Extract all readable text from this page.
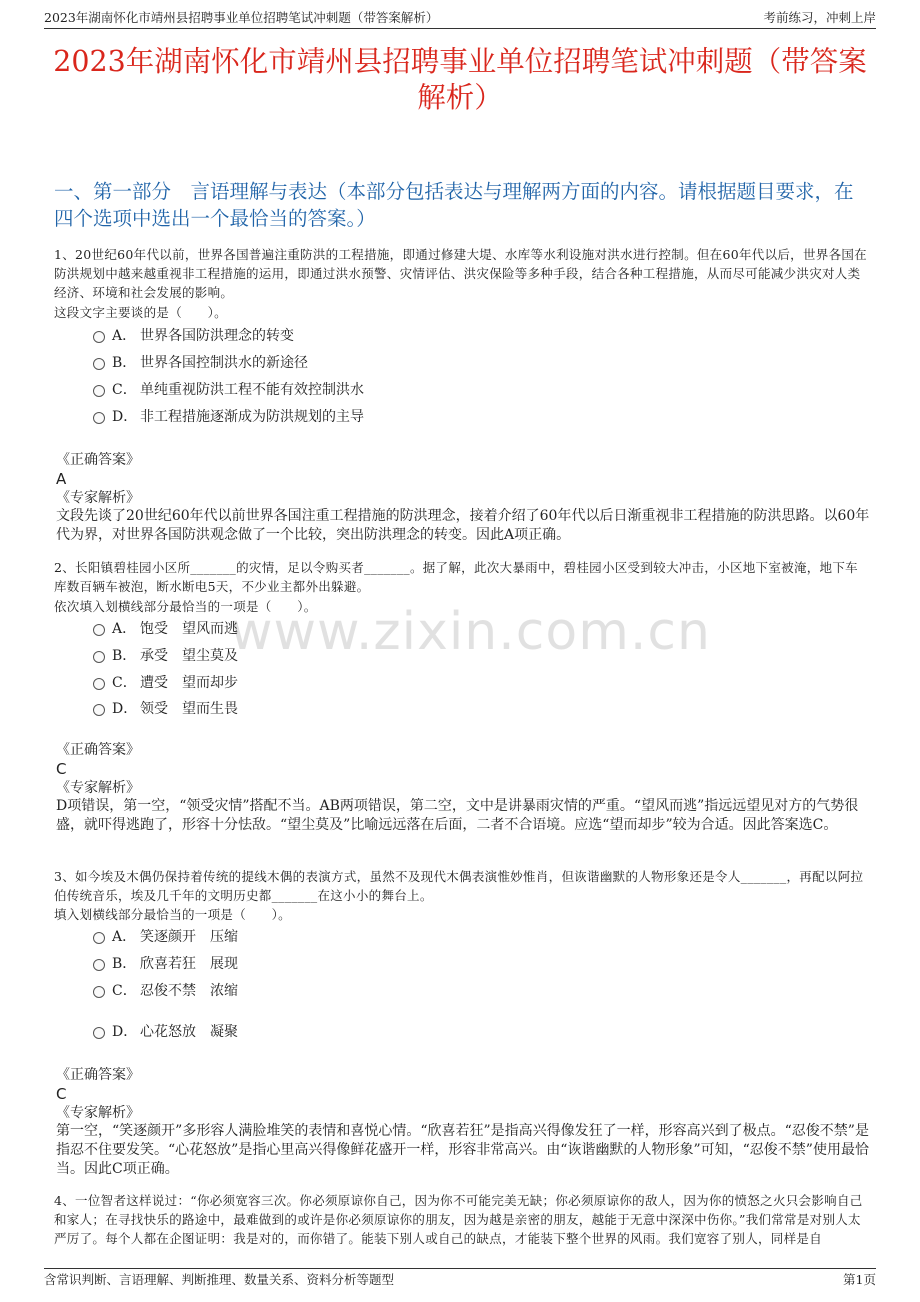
2023年湖南怀化市靖州县招聘事业单位招聘笔试冲刺题（带答案解析）	考前练习，冲刺上岸
2023年湖南怀化市靖州县招聘事业单位招聘笔试冲刺题（带答案解析）
一、第一部分　言语理解与表达（本部分包括表达与理解两方面的内容。请根据题目要求，在四个选项中选出一个最恰当的答案。）
www.zixin.com.cn
1、20世纪60年代以前，世界各国普遍注重防洪的工程措施，即通过修建大堤、水库等水利设施对洪水进行控制。但在60年代以后，世界各国在防洪规划中越来越重视非工程措施的运用，即通过洪水预警、灾情评估、洪灾保险等多种手段，结合各种工程措施，从而尽可能减少洪灾对人类经济、环境和社会发展的影响。
这段文字主要谈的是（　　）。
A． 世界各国防洪理念的转变
B． 世界各国控制洪水的新途径
C． 单纯重视防洪工程不能有效控制洪水
D． 非工程措施逐渐成为防洪规划的主导
《正确答案》
A
《专家解析》
文段先谈了20世纪60年代以前世界各国注重工程措施的防洪理念，接着介绍了60年代以后日渐重视非工程措施的防洪思路。以60年代为界，对世界各国防洪观念做了一个比较，突出防洪理念的转变。因此A项正确。
2、长阳镇碧桂园小区所_______的灾情，足以令购买者_______。据了解，此次大暴雨中，碧桂园小区受到较大冲击，小区地下室被淹，地下车库数百辆车被泡，断水断电5天，不少业主都外出躲避。
依次填入划横线部分最恰当的一项是（　　）。
A． 饱受　望风而逃
B． 承受　望尘莫及
C． 遭受　望而却步
D． 领受　望而生畏
《正确答案》
C
《专家解析》
D项错误，第一空，“领受灾情”搭配不当。AB两项错误，第二空，文中是讲暴雨灾情的严重。“望风而逃”指远远望见对方的气势很盛，就吓得逃跑了，形容十分怯敌。“望尘莫及”比喻远远落在后面，二者不合语境。应选“望而却步”较为合适。因此答案选C。
3、如今埃及木偶仍保持着传统的提线木偶的表演方式，虽然不及现代木偶表演惟妙惟肖，但诙谐幽默的人物形象还是令人_______，再配以阿拉伯传统音乐，埃及几千年的文明历史都_______在这小小的舞台上。
填入划横线部分最恰当的一项是（　　）。
A． 笑逐颜开　压缩
B． 欣喜若狂　展现
C． 忍俊不禁　浓缩
D． 心花怒放　凝聚
《正确答案》
C
《专家解析》
第一空，“笑逐颜开”多形容人满脸堆笑的表情和喜悦心情。“欣喜若狂”是指高兴得像发狂了一样，形容高兴到了极点。“忍俊不禁”是指忍不住要发笑。“心花怒放”是指心里高兴得像鲜花盛开一样，形容非常高兴。由“诙谐幽默的人物形象”可知，“忍俊不禁”使用最恰当。因此C项正确。
4、一位智者这样说过：“你必须宽容三次。你必须原谅你自己，因为你不可能完美无缺；你必须原谅你的敌人，因为你的愤怒之火只会影响自己和家人；在寻找快乐的路途中，最难做到的或许是你必须原谅你的朋友，因为越是亲密的朋友，越能于无意中深深中伤你。”我们常常是对别人太严厉了。每个人都在企图证明：我是对的，而你错了。能装下别人或自己的缺点，才能装下整个世界的风雨。我们宽容了别人，同样是自
含常识判断、言语理解、判断推理、数量关系、资料分析等题型	第1页
